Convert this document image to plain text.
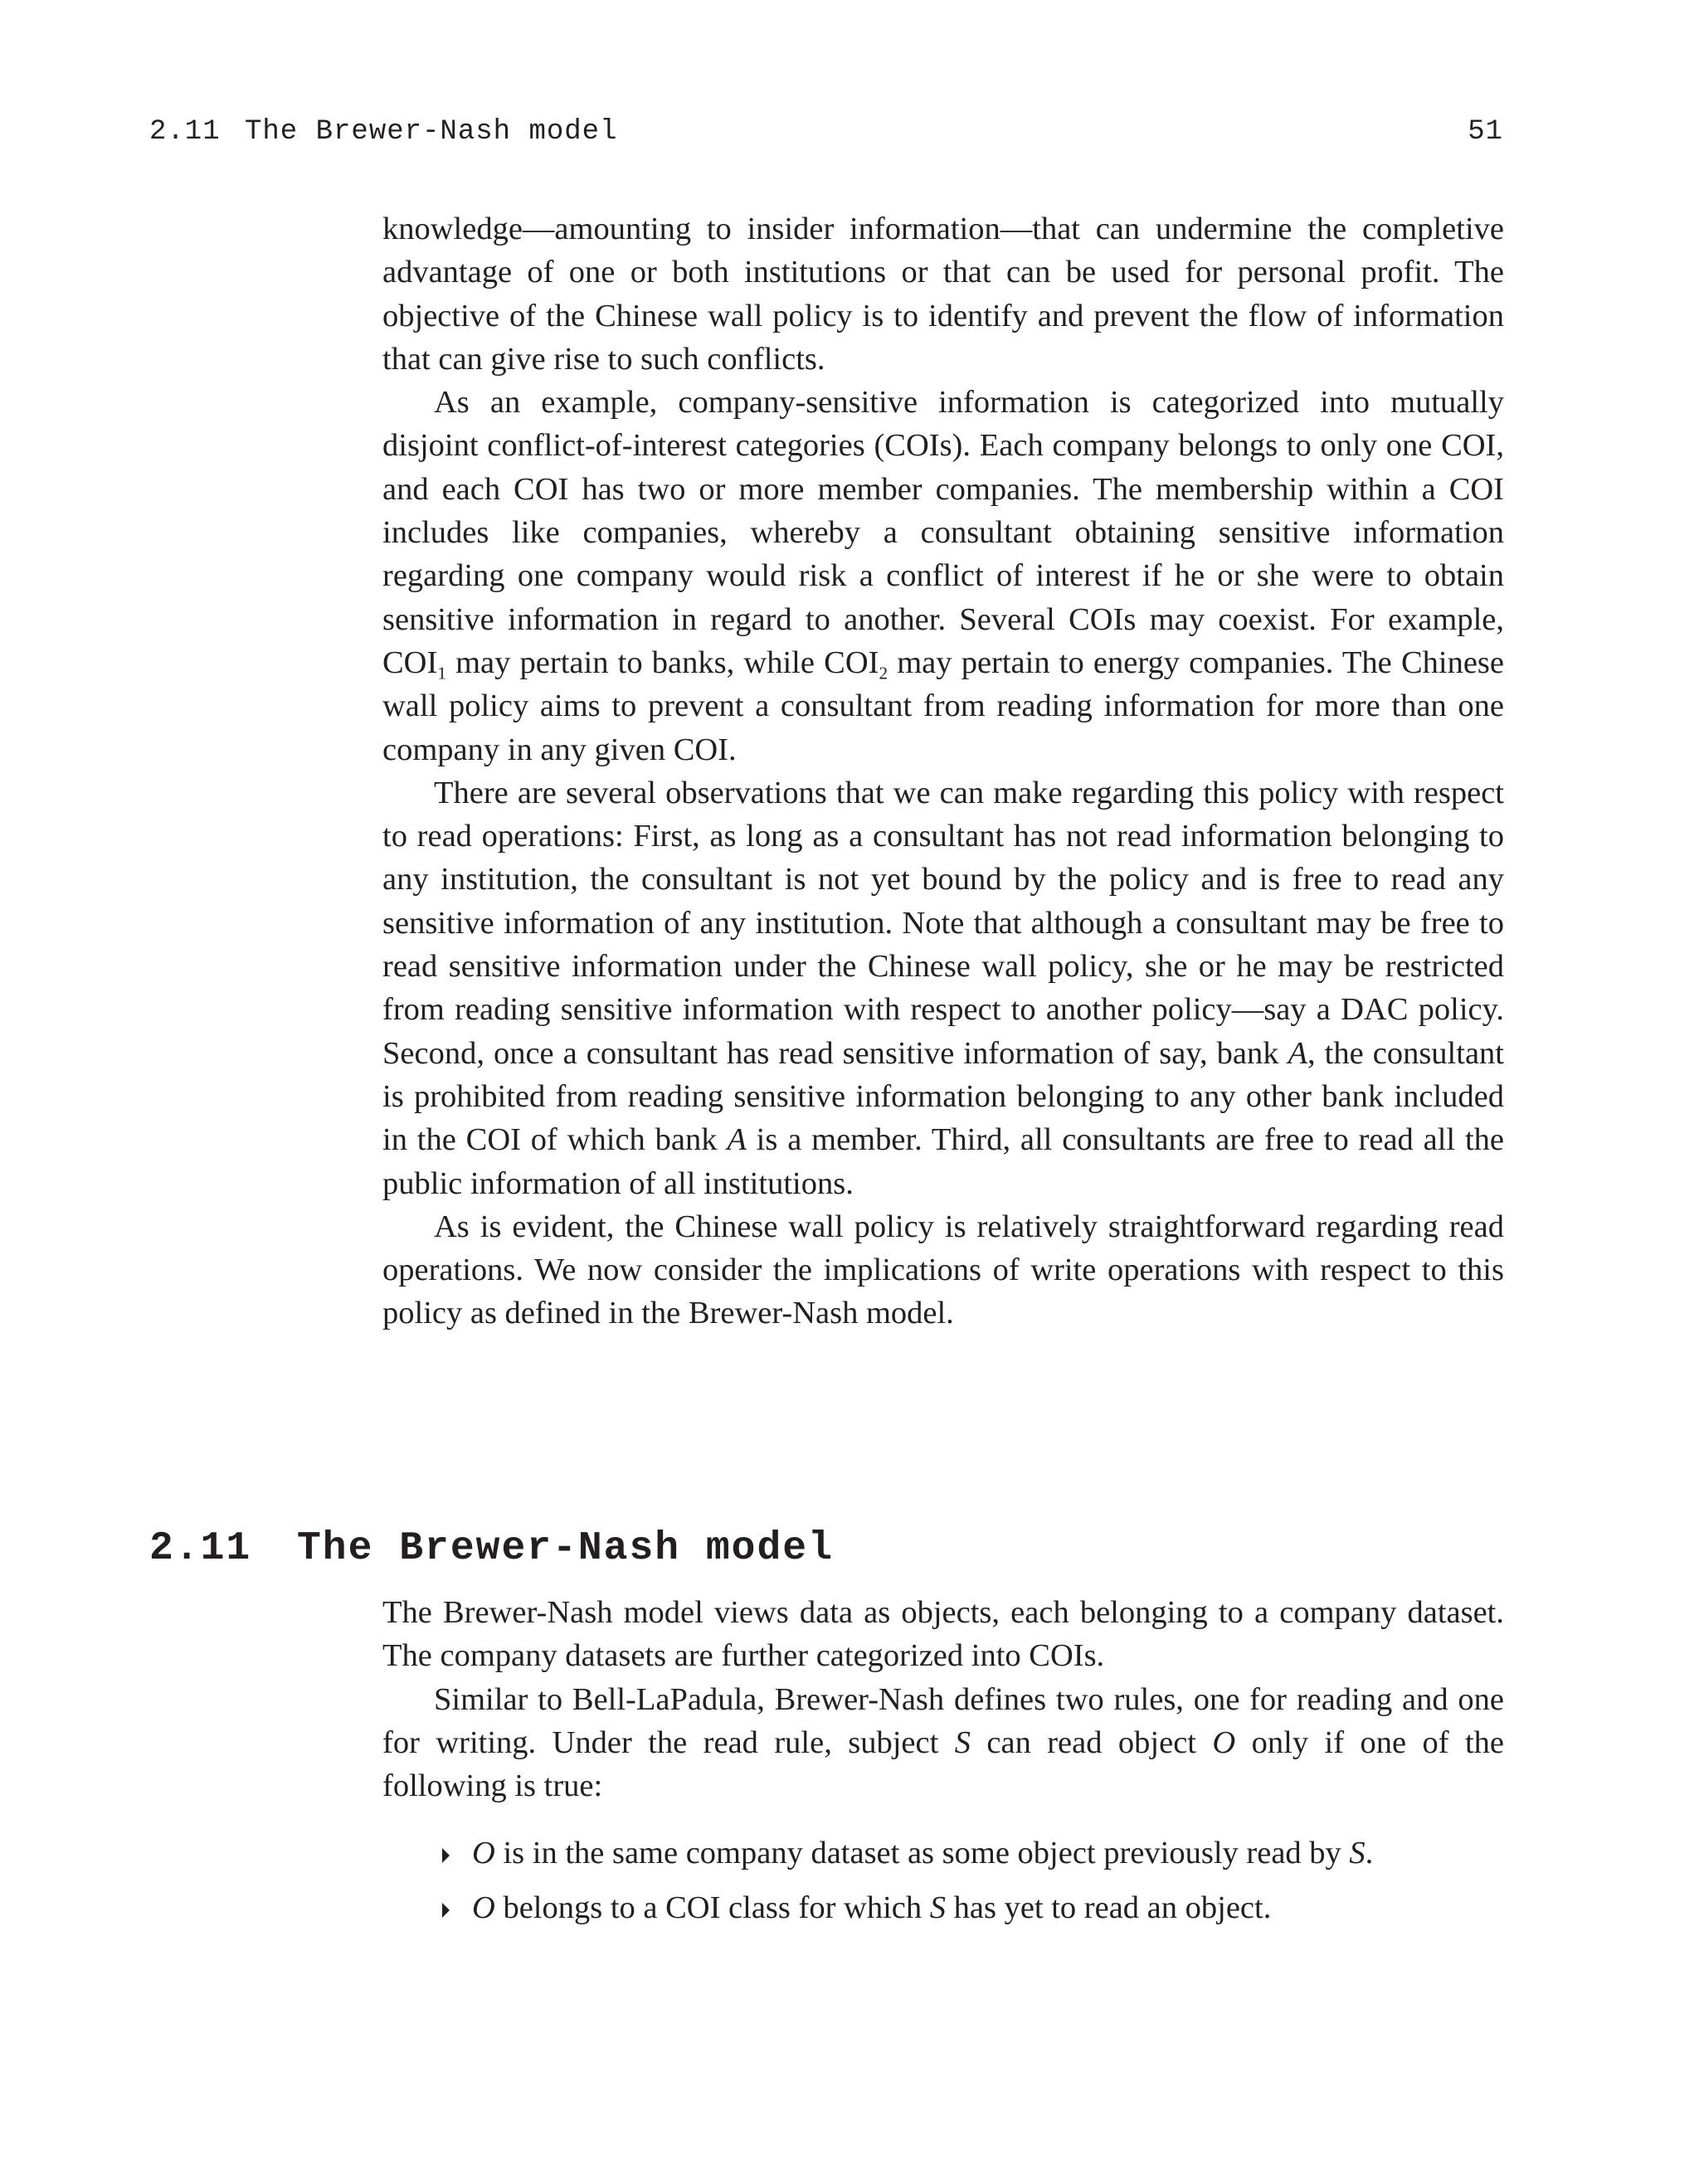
2.11 The Brewer-Nash model	51

knowledge—amounting to insider information—that can undermine the completive advantage of one or both institutions or that can be used for personal profit. The objective of the Chinese wall policy is to identify and prevent the flow of information that can give rise to such conflicts.

As an example, company-sensitive information is categorized into mutually disjoint conflict-of-interest categories (COIs). Each company belongs to only one COI, and each COI has two or more member companies. The membership within a COI includes like companies, whereby a consultant obtaining sensitive information regarding one company would risk a conflict of interest if he or she were to obtain sensitive information in regard to another. Several COIs may coexist. For example, $COI_1$ may pertain to banks, while $COI_2$ may pertain to energy companies. The Chinese wall policy aims to prevent a consultant from reading information for more than one company in any given COI.

There are several observations that we can make regarding this policy with respect to read operations: First, as long as a consultant has not read information belonging to any institution, the consultant is not yet bound by the policy and is free to read any sensitive information of any institution. Note that although a consultant may be free to read sensitive information under the Chinese wall policy, she or he may be restricted from reading sensitive information with respect to another policy—say a DAC policy. Second, once a consultant has read sensitive information of say, bank A, the consultant is prohibited from reading sensitive information belonging to any other bank included in the COI of which bank A is a member. Third, all consultants are free to read all the public information of all institutions.

As is evident, the Chinese wall policy is relatively straightforward regarding read operations. We now consider the implications of write operations with respect to this policy as defined in the Brewer-Nash model.

2.11 The Brewer-Nash model

The Brewer-Nash model views data as objects, each belonging to a company dataset. The company datasets are further categorized into COIs.

Similar to Bell-LaPadula, Brewer-Nash defines two rules, one for reading and one for writing. Under the read rule, subject S can read object O only if one of the following is true:

O is in the same company dataset as some object previously read by S.
O belongs to a COI class for which S has yet to read an object.
